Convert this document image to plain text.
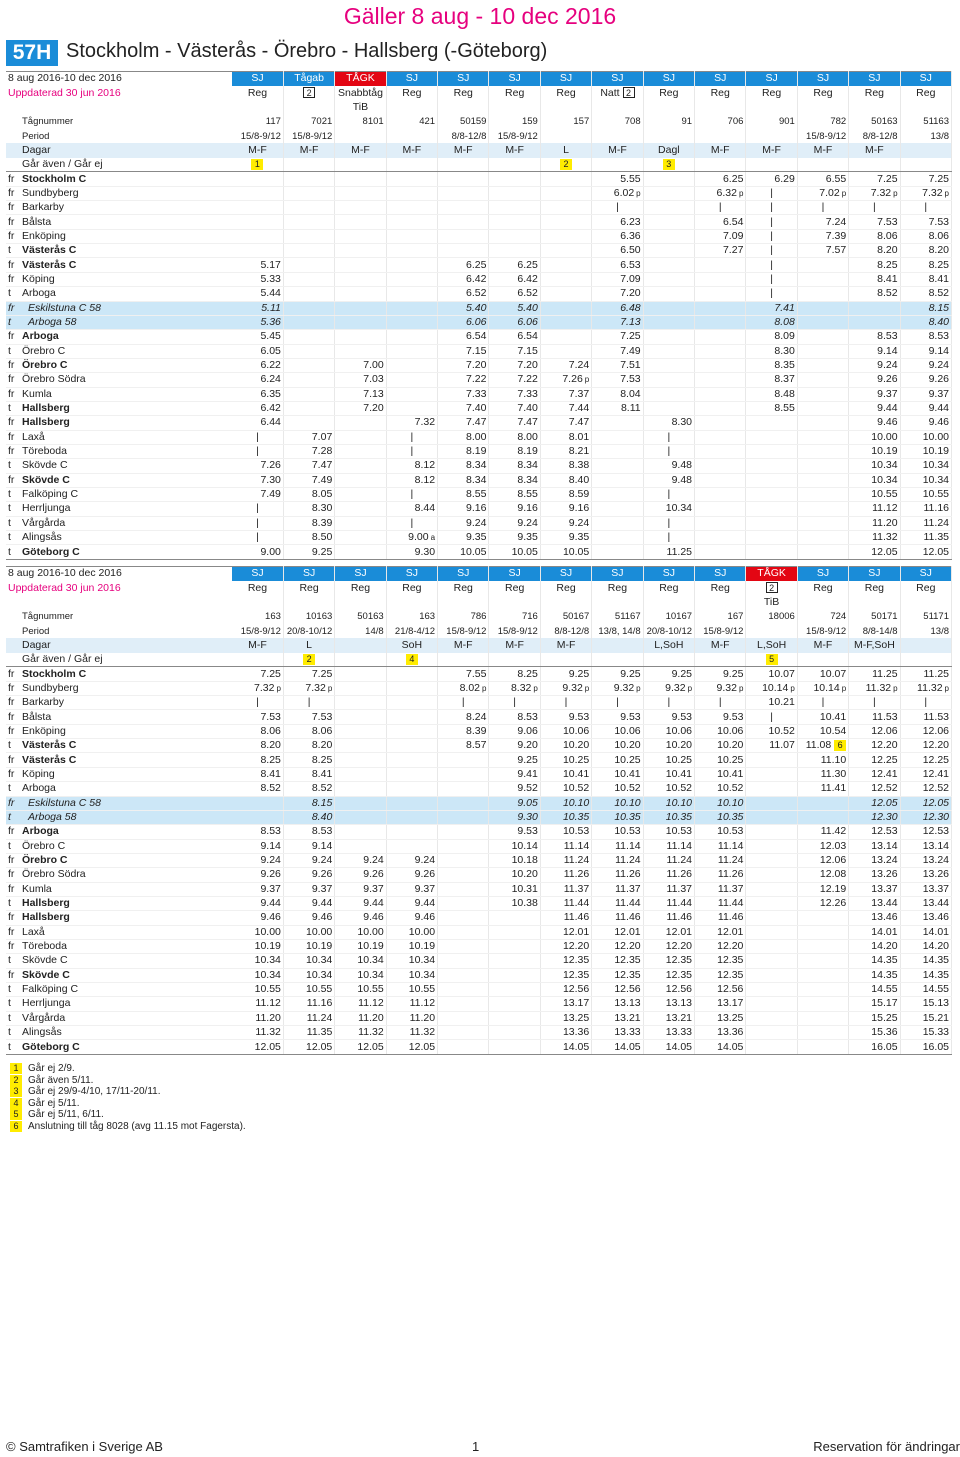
Gäller 8 aug - 10 dec 2016
57H Stockholm - Västerås - Örebro - Hallsberg (-Göteborg)
8 aug 2016-10 dec 2016	SJ	Tågab	TÅGK	SJ	SJ	SJ	SJ	SJ	SJ	SJ	SJ	SJ	SJ	SJ
Uppdaterad 30 jun 2016	Reg	2	Snabbtåg	Reg	Reg	Reg	Reg	Natt 2	Reg	Reg	Reg	Reg	Reg	Reg
			TiB											
Tågnummer	117	7021	8101	421	50159	159	157	708	91	706	901	782	50163	51163
Period	15/8-9/12	15/8-9/12			8/8-12/8	15/8-9/12						15/8-9/12	8/8-12/8	13/8
Dagar	M-F	M-F	M-F	M-F	M-F	M-F	L	M-F	Dagl	M-F	M-F	M-F	M-F	
Går även / Går ej	1						2		3					
fr Stockholm C								5.55		6.25	6.29	6.55	7.25	7.25
fr Sundbyberg								6.02 p		6.32 p	|	7.02 p	7.32 p	7.32 p
fr Barkarby								|		|	|	|	|	|
fr Bålsta								6.23		6.54	|	7.24	7.53	7.53
fr Enköping								6.36		7.09	|	7.39	8.06	8.06
t Västerås C								6.50		7.27	|	7.57	8.20	8.20
fr Västerås C	5.17				6.25	6.25		6.53			|		8.25	8.25
fr Köping	5.33				6.42	6.42		7.09			|		8.41	8.41
t Arboga	5.44				6.52	6.52		7.20			|		8.52	8.52
fr Eskilstuna C 58	5.11				5.40	5.40		6.48			7.41			8.15
t Arboga 58	5.36				6.06	6.06		7.13			8.08			8.40
fr Arboga	5.45				6.54	6.54		7.25			8.09		8.53	8.53
t Örebro C	6.05				7.15	7.15		7.49			8.30		9.14	9.14
fr Örebro C	6.22		7.00		7.20	7.20	7.24	7.51			8.35		9.24	9.24
fr Örebro Södra	6.24		7.03		7.22	7.22	7.26 p	7.53			8.37		9.26	9.26
fr Kumla	6.35		7.13		7.33	7.33	7.37	8.04			8.48		9.37	9.37
t Hallsberg	6.42		7.20		7.40	7.40	7.44	8.11			8.55		9.44	9.44
fr Hallsberg	6.44			7.32	7.47	7.47	7.47		8.30				9.46	9.46
fr Laxå	|	7.07		|	8.00	8.00	8.01		|				10.00	10.00
fr Töreboda	|	7.28		|	8.19	8.19	8.21		|				10.19	10.19
t Skövde C	7.26	7.47		8.12	8.34	8.34	8.38		9.48				10.34	10.34
fr Skövde C	7.30	7.49		8.12	8.34	8.34	8.40		9.48				10.34	10.34
t Falköping C	7.49	8.05		|	8.55	8.55	8.59		|				10.55	10.55
t Herrljunga	|	8.30		8.44	9.16	9.16	9.16		10.34				11.12	11.16
t Vårgårda	|	8.39		|	9.24	9.24	9.24		|				11.20	11.24
t Alingsås	|	8.50		9.00 a	9.35	9.35	9.35		|				11.32	11.35
t Göteborg C	9.00	9.25		9.30	10.05	10.05	10.05		11.25				12.05	12.05
8 aug 2016-10 dec 2016	SJ	SJ	SJ	SJ	SJ	SJ	SJ	SJ	SJ	SJ	TÅGK	SJ	SJ	SJ
Uppdaterad 30 jun 2016	Reg	Reg	Reg	Reg	Reg	Reg	Reg	Reg	Reg	Reg	2	Reg	Reg	Reg
											TiB			
Tågnummer	163	10163	50163	163	786	716	50167	51167	10167	167	18006	724	50171	51171
Period	15/8-9/12	20/8-10/12	14/8	21/8-4/12	15/8-9/12	15/8-9/12	8/8-12/8	13/8, 14/8	20/8-10/12	15/8-9/12		15/8-9/12	8/8-14/8	13/8
Dagar	M-F	L		SoH	M-F	M-F	M-F		L,SoH	M-F	L,SoH	M-F	M-F,SoH	
Går även / Går ej		2		4							5			
fr Stockholm C	7.25	7.25			7.55	8.25	9.25	9.25	9.25	9.25	10.07	10.07	11.25	11.25
fr Sundbyberg	7.32 p	7.32 p			8.02 p	8.32 p	9.32 p	9.32 p	9.32 p	9.32 p	10.14 p	10.14 p	11.32 p	11.32 p
fr Barkarby	|	|			|	|	|	|	|	|	10.21	|	|	|
fr Bålsta	7.53	7.53			8.24	8.53	9.53	9.53	9.53	9.53	|	10.41	11.53	11.53
fr Enköping	8.06	8.06			8.39	9.06	10.06	10.06	10.06	10.06	10.52	10.54	12.06	12.06
t Västerås C	8.20	8.20			8.57	9.20	10.20	10.20	10.20	10.20	11.07	11.08 6	12.20	12.20
fr Västerås C	8.25	8.25				9.25	10.25	10.25	10.25	10.25		11.10	12.25	12.25
fr Köping	8.41	8.41				9.41	10.41	10.41	10.41	10.41		11.30	12.41	12.41
t Arboga	8.52	8.52				9.52	10.52	10.52	10.52	10.52		11.41	12.52	12.52
fr Eskilstuna C 58		8.15				9.05	10.10	10.10	10.10	10.10			12.05	12.05
t Arboga 58		8.40				9.30	10.35	10.35	10.35	10.35			12.30	12.30
fr Arboga	8.53	8.53				9.53	10.53	10.53	10.53	10.53		11.42	12.53	12.53
t Örebro C	9.14	9.14				10.14	11.14	11.14	11.14	11.14		12.03	13.14	13.14
fr Örebro C	9.24	9.24	9.24	9.24		10.18	11.24	11.24	11.24	11.24		12.06	13.24	13.24
fr Örebro Södra	9.26	9.26	9.26	9.26		10.20	11.26	11.26	11.26	11.26		12.08	13.26	13.26
fr Kumla	9.37	9.37	9.37	9.37		10.31	11.37	11.37	11.37	11.37		12.19	13.37	13.37
t Hallsberg	9.44	9.44	9.44	9.44		10.38	11.44	11.44	11.44	11.44		12.26	13.44	13.44
fr Hallsberg	9.46	9.46	9.46	9.46			11.46	11.46	11.46	11.46			13.46	13.46
fr Laxå	10.00	10.00	10.00	10.00			12.01	12.01	12.01	12.01			14.01	14.01
fr Töreboda	10.19	10.19	10.19	10.19			12.20	12.20	12.20	12.20			14.20	14.20
t Skövde C	10.34	10.34	10.34	10.34			12.35	12.35	12.35	12.35			14.35	14.35
fr Skövde C	10.34	10.34	10.34	10.34			12.35	12.35	12.35	12.35			14.35	14.35
t Falköping C	10.55	10.55	10.55	10.55			12.56	12.56	12.56	12.56			14.55	14.55
t Herrljunga	11.12	11.16	11.12	11.12			13.17	13.13	13.13	13.17			15.17	15.13
t Vårgårda	11.20	11.24	11.20	11.20			13.25	13.21	13.21	13.25			15.25	15.21
t Alingsås	11.32	11.35	11.32	11.32			13.36	13.33	13.33	13.36			15.36	15.33
t Göteborg C	12.05	12.05	12.05	12.05			14.05	14.05	14.05	14.05			16.05	16.05
1 Går ej 2/9.
2 Går även 5/11.
3 Går ej 29/9-4/10, 17/11-20/11.
4 Går ej 5/11.
5 Går ej 5/11, 6/11.
6 Anslutning till tåg 8028 (avg 11.15 mot Fagersta).
© Samtrafiken i Sverige AB	1	Reservation för ändringar
